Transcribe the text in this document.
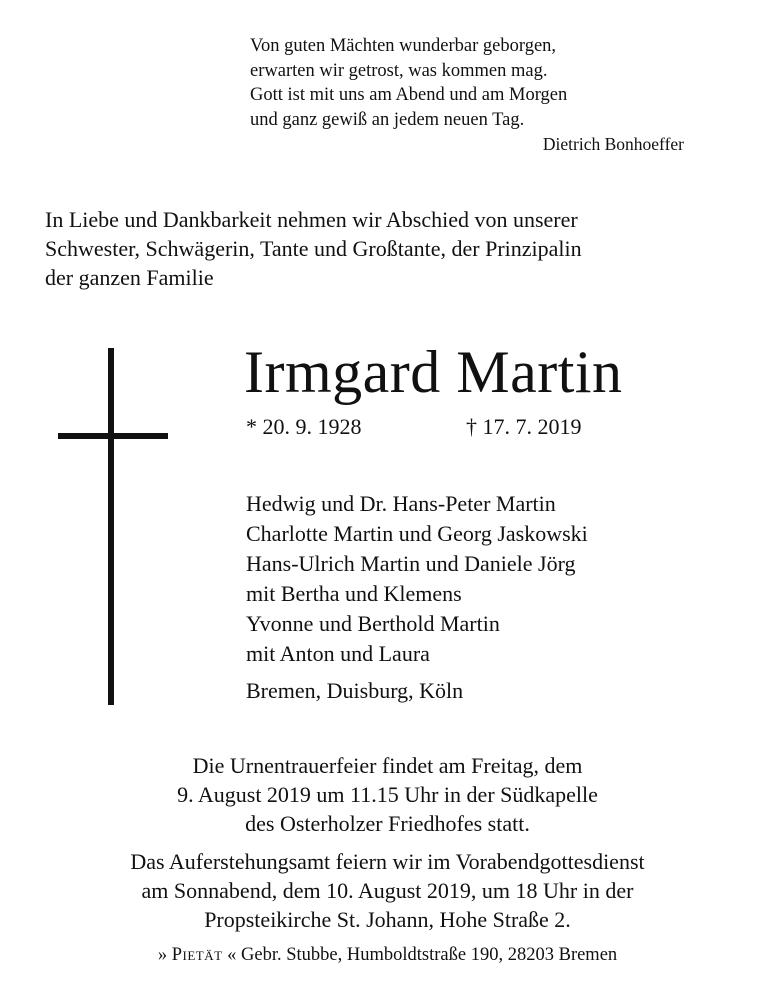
Von guten Mächten wunderbar geborgen,
erwarten wir getrost, was kommen mag.
Gott ist mit uns am Abend und am Morgen
und ganz gewiß an jedem neuen Tag.
Dietrich Bonhoeffer
In Liebe und Dankbarkeit nehmen wir Abschied von unserer
Schwester, Schwägerin, Tante und Großtante, der Prinzipalin
der ganzen Familie
Irmgard Martin
* 20. 9. 1928	† 17. 7. 2019
Hedwig und Dr. Hans-Peter Martin
Charlotte Martin und Georg Jaskowski
Hans-Ulrich Martin und Daniele Jörg
mit Bertha und Klemens
Yvonne und Berthold Martin
mit Anton und Laura
Bremen, Duisburg, Köln
Die Urnentrauerfeier findet am Freitag, dem
9. August 2019 um 11.15 Uhr in der Südkapelle
des Osterholzer Friedhofes statt.
Das Auferstehungsamt feiern wir im Vorabendgottesdienst
am Sonnabend, dem 10. August 2019, um 18 Uhr in der
Propsteikirche St. Johann, Hohe Straße 2.
» Pietät « Gebr. Stubbe, Humboldtstraße 190, 28203 Bremen
